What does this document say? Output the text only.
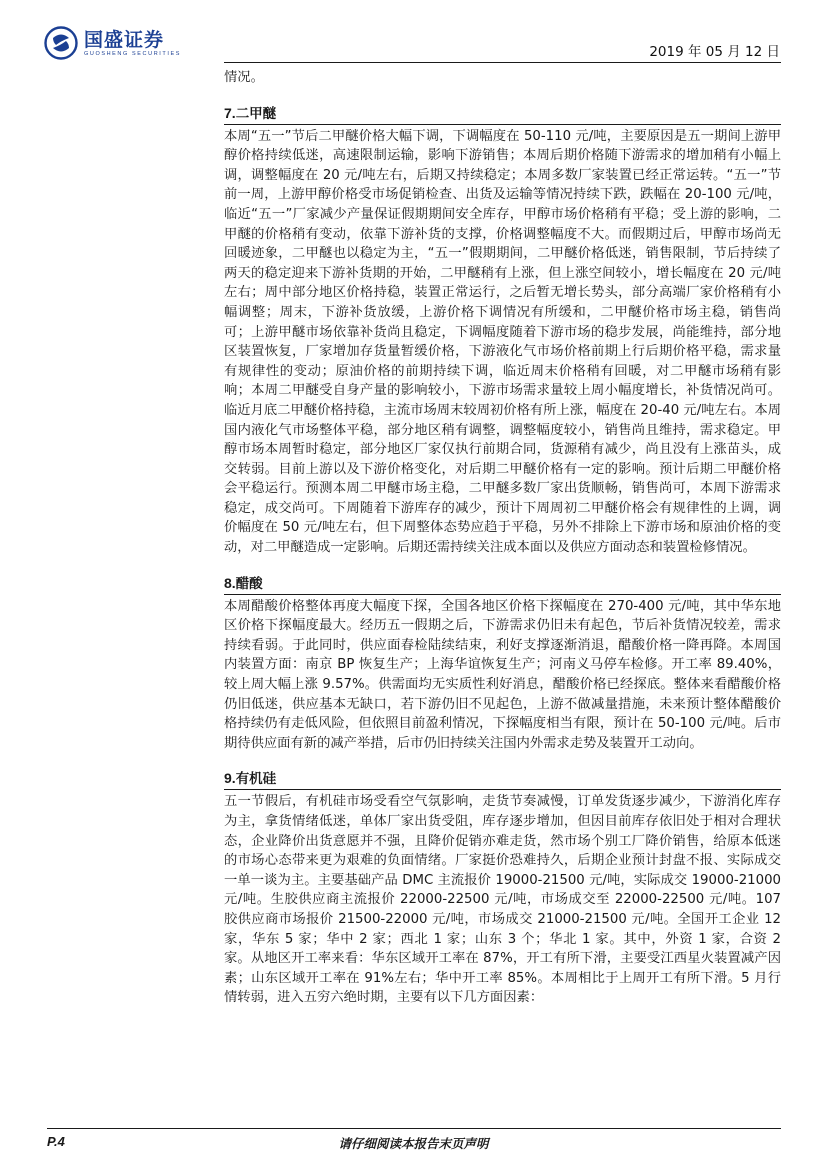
国盛证券
GUOSHENG SECURITIES	2019 年 05 月 12 日

情况。

7.二甲醚

本周“五一”节后二甲醚价格大幅下调，下调幅度在 50-110 元/吨，主要原因是五一期间上游甲醇价格持续低迷，高速限制运输，影响下游销售；本周后期价格随下游需求的增加稍有小幅上调，调整幅度在 20 元/吨左右，后期又持续稳定；本周多数厂家装置已经正常运转。“五一”节前一周，上游甲醇价格受市场促销检查、出货及运输等情况持续下跌，跌幅在 20-100 元/吨，临近“五一”厂家减少产量保证假期期间安全库存，甲醇市场价格稍有平稳；受上游的影响，二甲醚的价格稍有变动，依靠下游补货的支撑，价格调整幅度不大。而假期过后，甲醇市场尚无回暖迹象，二甲醚也以稳定为主，“五一”假期期间，二甲醚价格低迷，销售限制，节后持续了两天的稳定迎来下游补货期的开始，二甲醚稍有上涨，但上涨空间较小，增长幅度在 20 元/吨左右；周中部分地区价格持稳，装置正常运行，之后暂无增长势头，部分高端厂家价格稍有小幅调整；周末，下游补货放缓，上游价格下调情况有所缓和，二甲醚价格市场主稳，销售尚可；上游甲醚市场依靠补货尚且稳定，下调幅度随着下游市场的稳步发展，尚能维持，部分地区装置恢复，厂家增加存货量暂缓价格，下游液化气市场价格前期上行后期价格平稳，需求量有规律性的变动；原油价格的前期持续下调，临近周末价格稍有回暖，对二甲醚市场稍有影响；本周二甲醚受自身产量的影响较小，下游市场需求量较上周小幅度增长，补货情况尚可。临近月底二甲醚价格持稳，主流市场周末较周初价格有所上涨，幅度在 20-40 元/吨左右。本周国内液化气市场整体平稳，部分地区稍有调整，调整幅度较小，销售尚且维持，需求稳定。甲醇市场本周暂时稳定，部分地区厂家仅执行前期合同，货源稍有减少，尚且没有上涨苗头，成交转弱。目前上游以及下游价格变化，对后期二甲醚价格有一定的影响。预计后期二甲醚价格会平稳运行。预测本周二甲醚市场主稳，二甲醚多数厂家出货顺畅，销售尚可，本周下游需求稳定，成交尚可。下周随着下游库存的减少，预计下周周初二甲醚价格会有规律性的上调，调价幅度在 50 元/吨左右，但下周整体态势应趋于平稳，另外不排除上下游市场和原油价格的变动，对二甲醚造成一定影响。后期还需持续关注成本面以及供应方面动态和装置检修情况。

8.醋酸

本周醋酸价格整体再度大幅度下探，全国各地区价格下探幅度在 270-400 元/吨，其中华东地区价格下探幅度最大。经历五一假期之后，下游需求仍旧未有起色，节后补货情况较差，需求持续看弱。于此同时，供应面春检陆续结束，利好支撑逐渐消退，醋酸价格一降再降。本周国内装置方面：南京 BP 恢复生产；上海华谊恢复生产；河南义马停车检修。开工率 89.40%，较上周大幅上涨 9.57%。供需面均无实质性利好消息，醋酸价格已经探底。整体来看醋酸价格仍旧低迷，供应基本无缺口，若下游仍旧不见起色，上游不做减量措施，未来预计整体醋酸价格持续仍有走低风险，但依照目前盈利情况，下探幅度相当有限，预计在 50-100 元/吨。后市期待供应面有新的减产举措，后市仍旧持续关注国内外需求走势及装置开工动向。

9.有机硅

五一节假后，有机硅市场受看空气氛影响，走货节奏减慢，订单发货逐步减少，下游消化库存为主，拿货情绪低迷，单体厂家出货受阻，库存逐步增加，但因目前库存依旧处于相对合理状态，企业降价出货意愿并不强，且降价促销亦难走货，然市场个别工厂降价销售，给原本低迷的市场心态带来更为艰难的负面情绪。厂家挺价恐难持久，后期企业预计封盘不报、实际成交一单一谈为主。主要基础产品 DMC 主流报价 19000-21500 元/吨，实际成交 19000-21000 元/吨。生胶供应商主流报价 22000-22500 元/吨，市场成交至 22000-22500 元/吨。107 胶供应商市场报价 21500-22000 元/吨，市场成交 21000-21500 元/吨。全国开工企业 12 家，华东 5 家；华中 2 家；西北 1 家；山东 3 个；华北 1 家。其中，外资 1 家，合资 2 家。从地区开工率来看：华东区域开工率在 87%，开工有所下滑，主要受江西星火装置减产因素；山东区域开工率在 91%左右；华中开工率 85%。本周相比于上周开工有所下滑。5 月行情转弱，进入五穷六绝时期，主要有以下几方面因素：

P.4	请仔细阅读本报告末页声明
